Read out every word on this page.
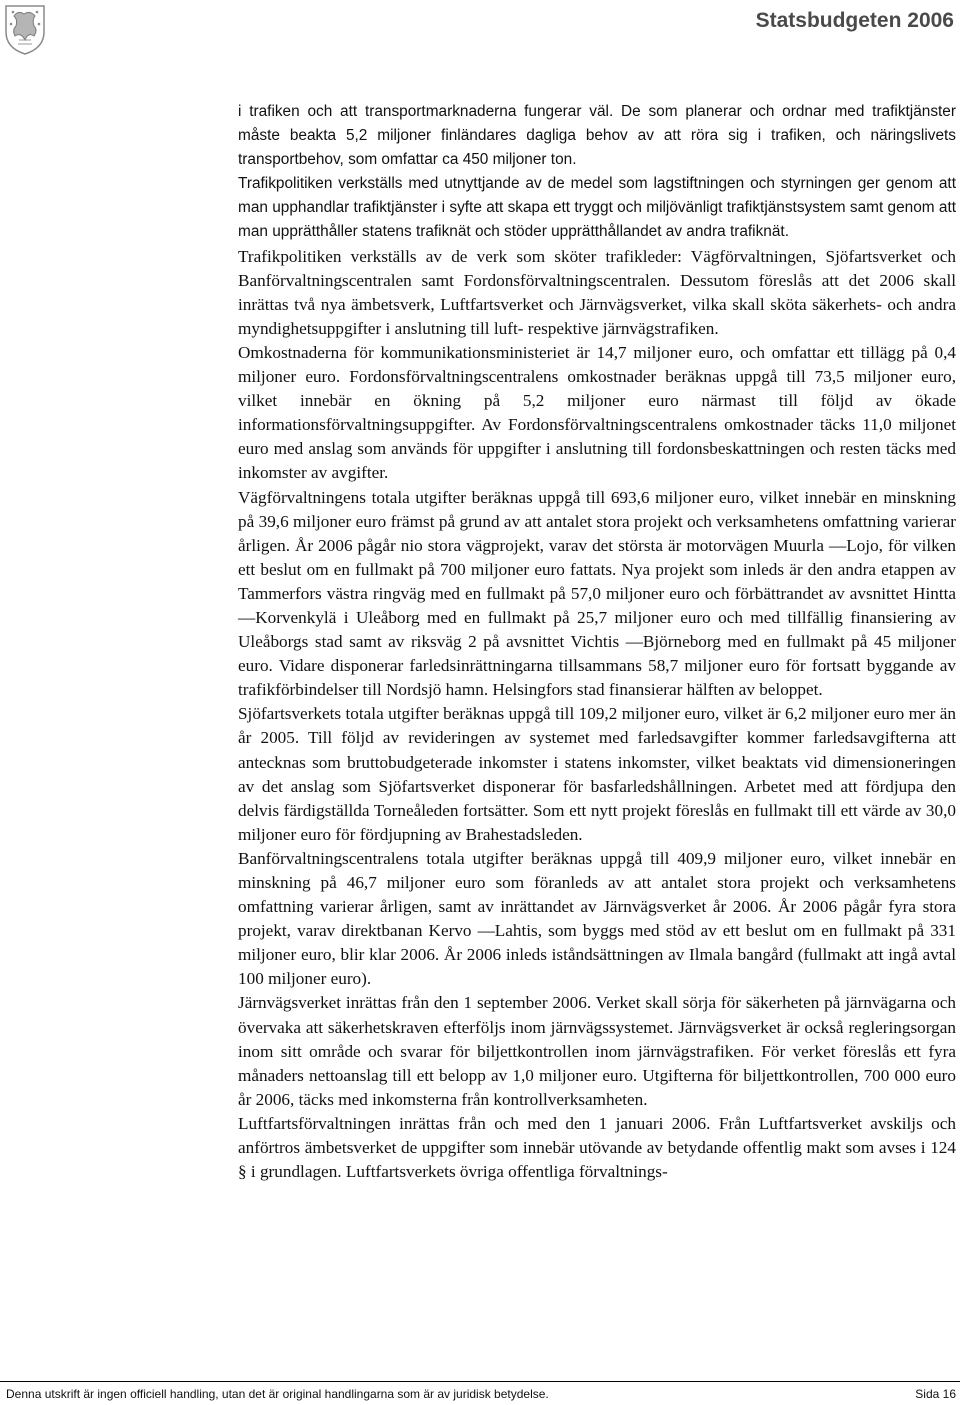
Statsbudgeten 2006

i trafiken och att transportmarknaderna fungerar väl. De som planerar och ordnar med trafiktjänster måste beakta 5,2 miljoner finländares dagliga behov av att röra sig i trafiken, och näringslivets transportbehov, som omfattar ca 450 miljoner ton.

Trafikpolitiken verkställs med utnyttjande av de medel som lagstiftningen och styrningen ger genom att man upphandlar trafiktjänster i syfte att skapa ett tryggt och miljövänligt trafiktjänstsystem samt genom att man upprätthåller statens trafiknät och stöder upprätthållandet av andra trafiknät.

Trafikpolitiken verkställs av de verk som sköter trafikleder: Vägförvaltningen, Sjöfartsverket och Banförvaltningscentralen samt Fordonsförvaltningscentralen. Dessutom föreslås att det 2006 skall inrättas två nya ämbetsverk, Luftfartsverket och Järnvägsverket, vilka skall sköta säkerhets- och andra myndighetsuppgifter i anslutning till luft- respektive järnvägstrafiken.

Omkostnaderna för kommunikationsministeriet är 14,7 miljoner euro, och omfattar ett tillägg på 0,4 miljoner euro. Fordonsförvaltningscentralens omkostnader beräknas uppgå till 73,5 miljoner euro, vilket innebär en ökning på 5,2 miljoner euro närmast till följd av ökade informationsförvaltningsuppgifter. Av Fordonsförvaltningscentralens omkostnader täcks 11,0 miljonet euro med anslag som används för uppgifter i anslutning till fordonsbeskattningen och resten täcks med inkomster av avgifter.

Vägförvaltningens totala utgifter beräknas uppgå till 693,6 miljoner euro, vilket innebär en minskning på 39,6 miljoner euro främst på grund av att antalet stora projekt och verksamhetens omfattning varierar årligen. År 2006 pågår nio stora vägprojekt, varav det största är motorvägen Muurla —Lojo, för vilken ett beslut om en fullmakt på 700 miljoner euro fattats. Nya projekt som inleds är den andra etappen av Tammerfors västra ringväg med en fullmakt på 57,0 miljoner euro och förbättrandet av avsnittet Hintta —Korvenkylä i Uleåborg med en fullmakt på 25,7 miljoner euro och med tillfällig finansiering av Uleåborgs stad samt av riksväg 2 på avsnittet Vichtis —Björneborg med en fullmakt på 45 miljoner euro. Vidare disponerar farledsinrättningarna tillsammans 58,7 miljoner euro för fortsatt byggande av trafikförbindelser till Nordsjö hamn. Helsingfors stad finansierar hälften av beloppet.

Sjöfartsverkets totala utgifter beräknas uppgå till 109,2 miljoner euro, vilket är 6,2 miljoner euro mer än år 2005. Till följd av revideringen av systemet med farledsavgifter kommer farledsavgifterna att antecknas som bruttobudgeterade inkomster i statens inkomster, vilket beaktats vid dimensioneringen av det anslag som Sjöfartsverket disponerar för basfarledshållningen. Arbetet med att fördjupa den delvis färdigställda Torneåleden fortsätter. Som ett nytt projekt föreslås en fullmakt till ett värde av 30,0 miljoner euro för fördjupning av Brahestadsleden.

Banförvaltningscentralens totala utgifter beräknas uppgå till 409,9 miljoner euro, vilket innebär en minskning på 46,7 miljoner euro som föranleds av att antalet stora projekt och verksamhetens omfattning varierar årligen, samt av inrättandet av Järnvägsverket år 2006. År 2006 pågår fyra stora projekt, varav direktbanan Kervo —Lahtis, som byggs med stöd av ett beslut om en fullmakt på 331 miljoner euro, blir klar 2006. År 2006 inleds iståndsättningen av Ilmala bangård (fullmakt att ingå avtal 100 miljoner euro).

Järnvägsverket inrättas från den 1 september 2006. Verket skall sörja för säkerheten på järnvägarna och övervaka att säkerhetskraven efterföljs inom järnvägssystemet. Järnvägsverket är också regleringsorgan inom sitt område och svarar för biljettkontrollen inom järnvägstrafiken. För verket föreslås ett fyra månaders nettoanslag till ett belopp av 1,0 miljoner euro. Utgifterna för biljettkontrollen, 700 000 euro år 2006, täcks med inkomsterna från kontrollverksamheten.

Luftfartsförvaltningen inrättas från och med den 1 januari 2006. Från Luftfartsverket avskiljs och anförtros ämbetsverket de uppgifter som innebär utövande av betydande offentlig makt som avses i 124 § i grundlagen. Luftfartsverkets övriga offentliga förvaltnings-

Denna utskrift är ingen officiell handling, utan det är original handlingarna som är av juridisk betydelse.	Sida 16
